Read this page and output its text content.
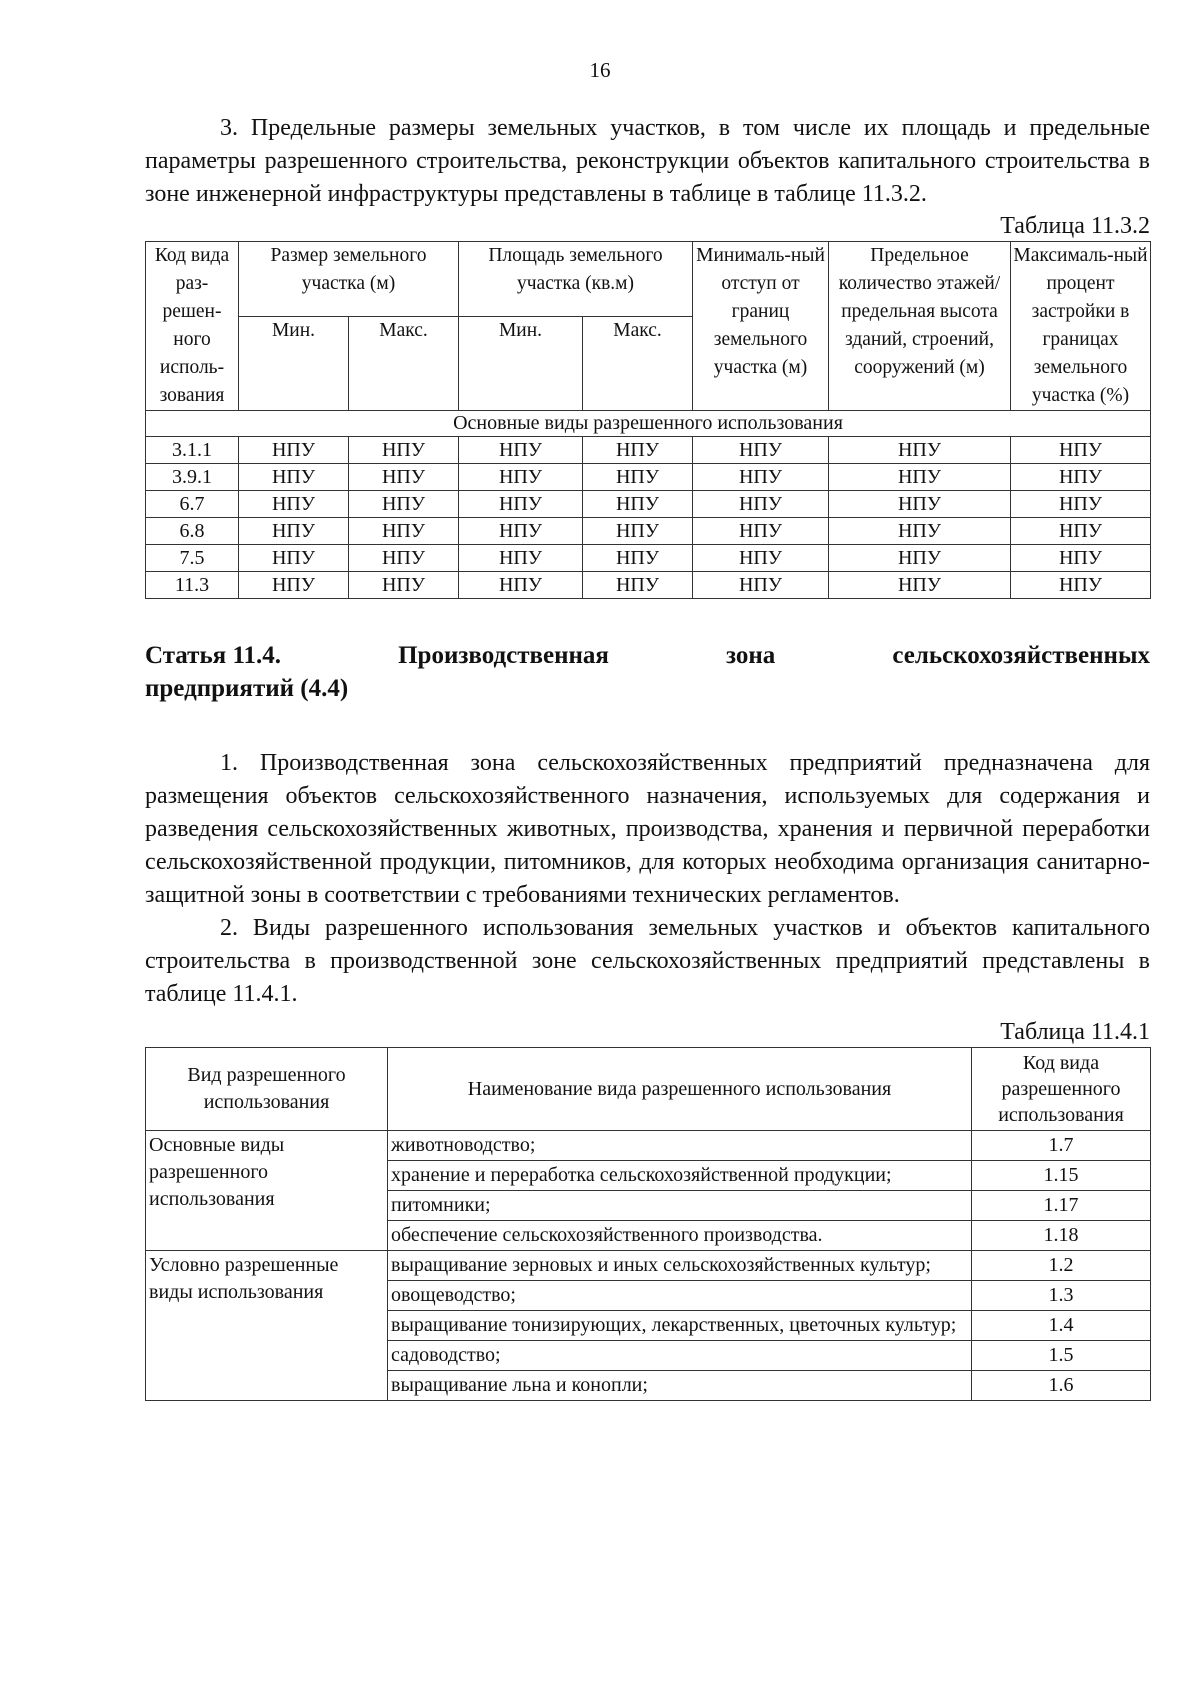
16

3. Предельные размеры земельных участков, в том числе их площадь и предельные параметры разрешенного строительства, реконструкции объектов капитального строительства в зоне инженерной инфраструктуры представлены в таблице в таблице 11.3.2.

Таблица 11.3.2

Код вида раз-решен-ного исполь-зования	Размер земельного участка (м)		Площадь земельного участка (кв.м)		Минималь-ный отступ от границ земельного участка (м)	Предельное количество этажей/ предельная высота зданий, строений, сооружений (м)	Максималь-ный процент застройки в границах земельного участка (%)
	Мин.	Макс.	Мин.	Макс.			
Основные виды разрешенного использования							
3.1.1	НПУ	НПУ	НПУ	НПУ	НПУ	НПУ	НПУ
3.9.1	НПУ	НПУ	НПУ	НПУ	НПУ	НПУ	НПУ
6.7	НПУ	НПУ	НПУ	НПУ	НПУ	НПУ	НПУ
6.8	НПУ	НПУ	НПУ	НПУ	НПУ	НПУ	НПУ
7.5	НПУ	НПУ	НПУ	НПУ	НПУ	НПУ	НПУ
11.3	НПУ	НПУ	НПУ	НПУ	НПУ	НПУ	НПУ
Статья 11.4.	Производственная	зона	сельскохозяйственных
предприятий (4.4)

1. Производственная зона сельскохозяйственных предприятий предназначена для размещения объектов сельскохозяйственного назначения, используемых для содержания и разведения сельскохозяйственных животных, производства, хранения и первичной переработки сельскохозяйственной продукции, питомников, для которых необходима организация санитарно-защитной зоны в соответствии с требованиями технических регламентов.

2. Виды разрешенного использования земельных участков и объектов капитального строительства в производственной зоне сельскохозяйственных предприятий представлены в таблице 11.4.1.

Таблица 11.4.1

Вид разрешенного использования	Наименование вида разрешенного использования	Код вида разрешенного использования
Основные виды разрешенного использования	животноводство;	1.7
	хранение и переработка сельскохозяйственной продукции;	1.15
	питомники;	1.17
	обеспечение сельскохозяйственного производства.	1.18
Условно разрешенные виды использования	выращивание зерновых и иных сельскохозяйственных культур;	1.2
	овощеводство;	1.3
	выращивание тонизирующих, лекарственных, цветочных культур;	1.4
	садоводство;	1.5
	выращивание льна и конопли;	1.6
